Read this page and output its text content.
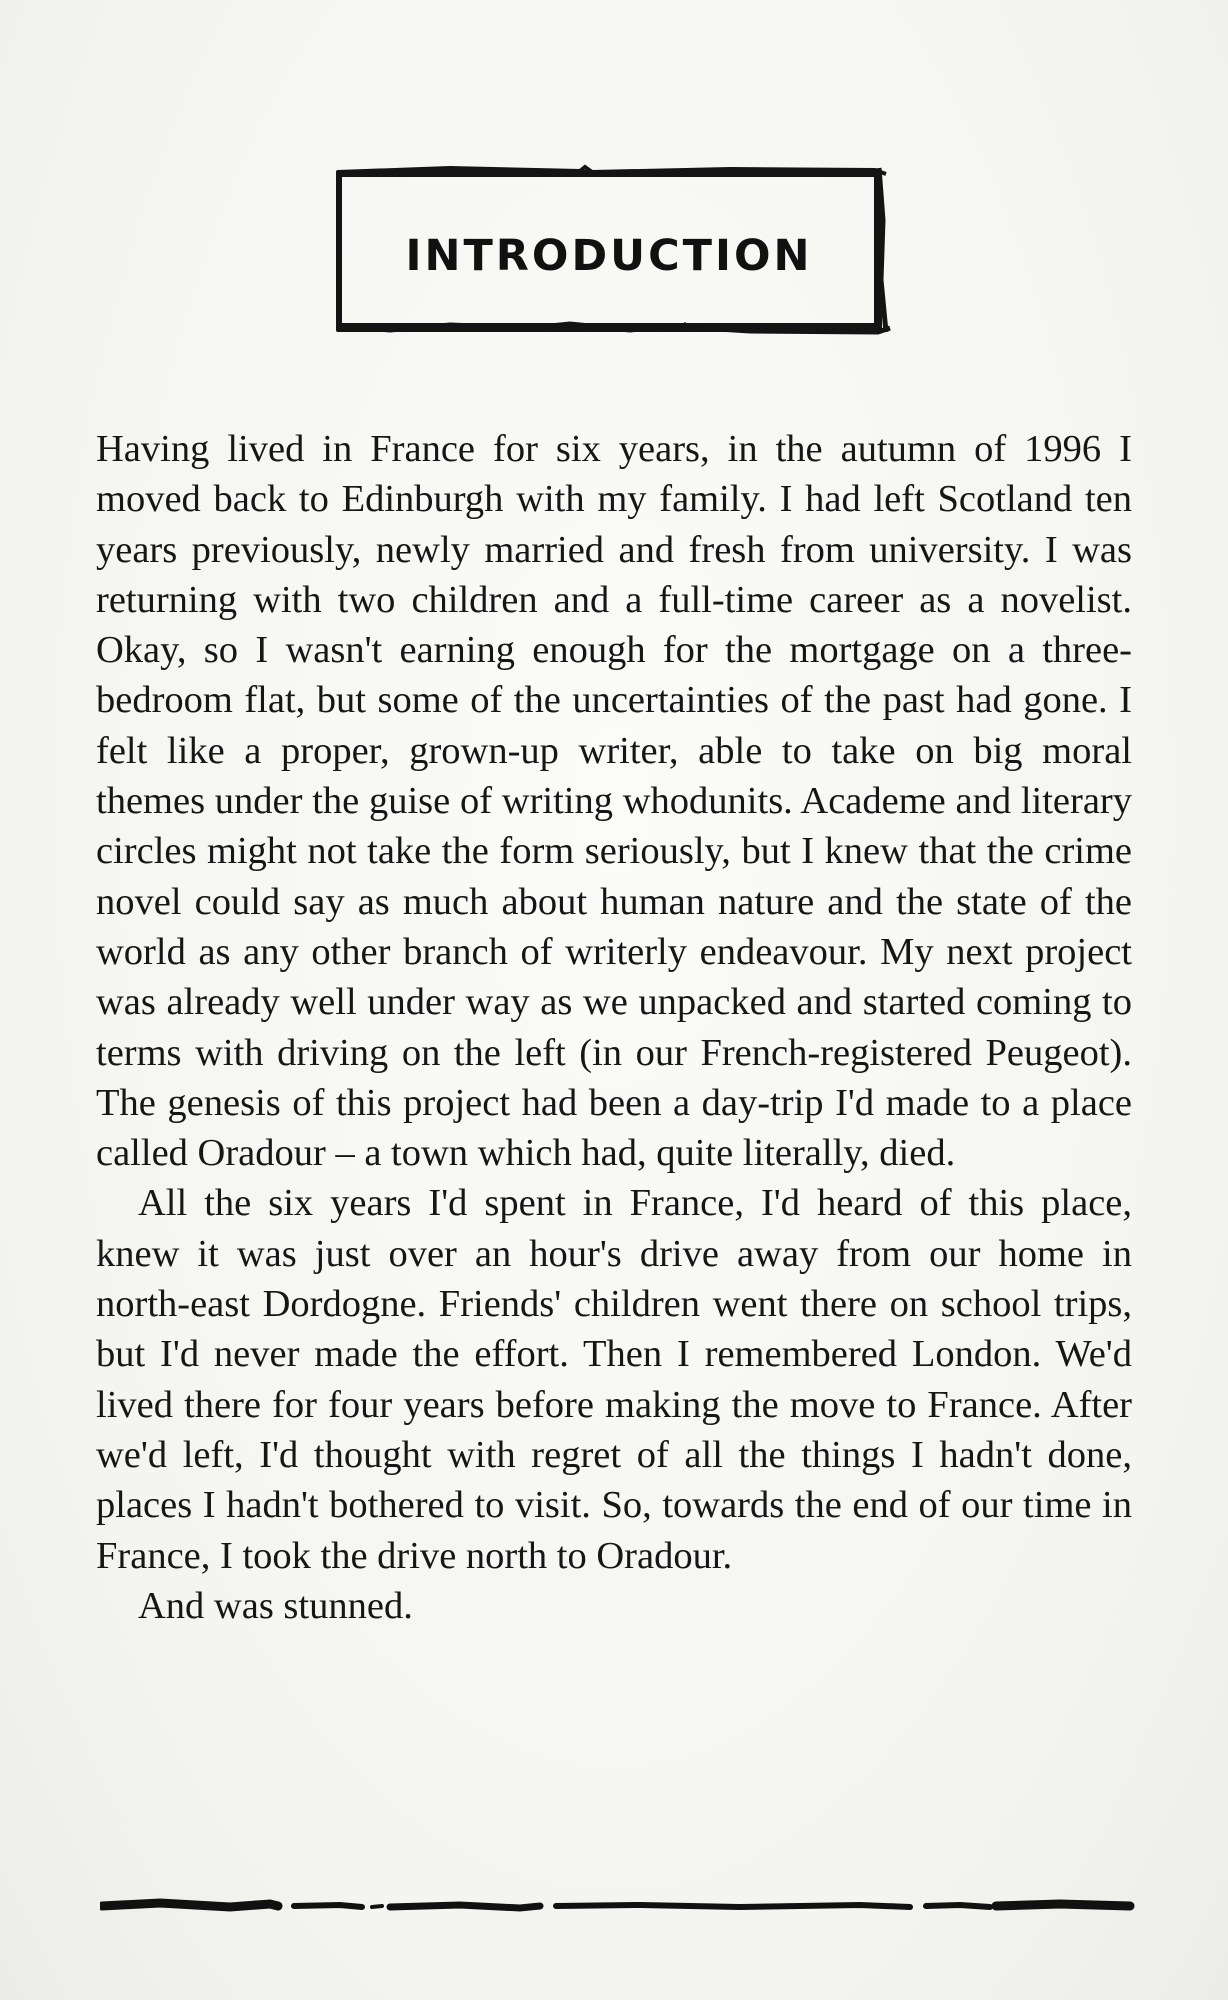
INTRODUCTION

Having lived in France for six years, in the autumn of 1996 I moved back to Edinburgh with my family. I had left Scotland ten years previously, newly married and fresh from university. I was returning with two children and a full-time career as a novelist. Okay, so I wasn't earning enough for the mortgage on a three-bedroom flat, but some of the uncertainties of the past had gone. I felt like a proper, grown-up writer, able to take on big moral themes under the guise of writing whodunits. Academe and literary circles might not take the form seriously, but I knew that the crime novel could say as much about human nature and the state of the world as any other branch of writerly endeavour. My next project was already well under way as we unpacked and started coming to terms with driving on the left (in our French-registered Peugeot). The genesis of this project had been a day-trip I'd made to a place called Oradour – a town which had, quite literally, died.

All the six years I'd spent in France, I'd heard of this place, knew it was just over an hour's drive away from our home in north-east Dordogne. Friends' children went there on school trips, but I'd never made the effort. Then I remembered London. We'd lived there for four years before making the move to France. After we'd left, I'd thought with regret of all the things I hadn't done, places I hadn't bothered to visit. So, towards the end of our time in France, I took the drive north to Oradour.

And was stunned.
